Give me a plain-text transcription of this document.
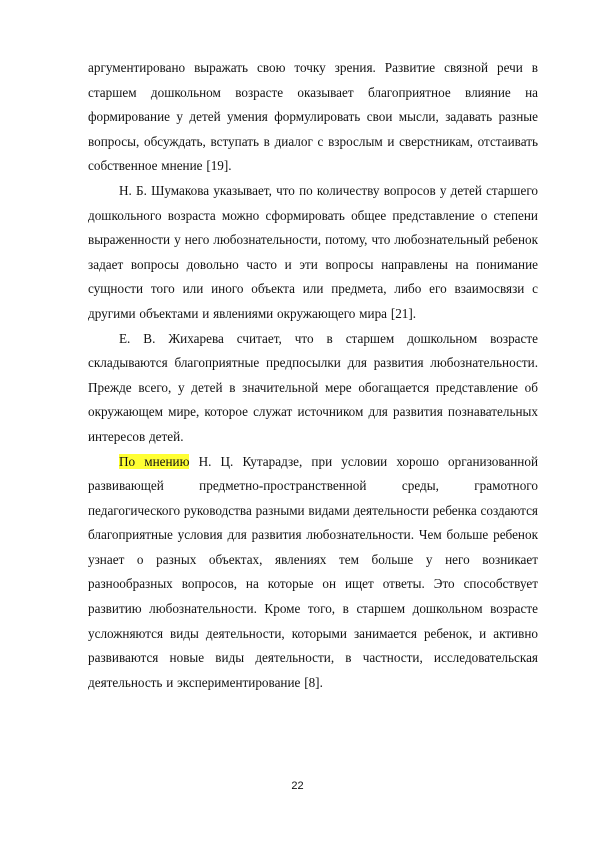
аргументировано выражать свою точку зрения. Развитие связной речи в старшем дошкольном возрасте оказывает благоприятное влияние на формирование у детей умения формулировать свои мысли, задавать разные вопросы, обсуждать, вступать в диалог с взрослым и сверстникам, отстаивать собственное мнение [19].

Н. Б. Шумакова указывает, что по количеству вопросов у детей старшего дошкольного возраста можно сформировать общее представление о степени выраженности у него любознательности, потому, что любознательный ребенок задает вопросы довольно часто и эти вопросы направлены на понимание сущности того или иного объекта или предмета, либо его взаимосвязи с другими объектами и явлениями окружающего мира [21].

Е. В. Жихарева считает, что в старшем дошкольном возрасте складываются благоприятные предпосылки для развития любознательности. Прежде всего, у детей в значительной мере обогащается представление об окружающем мире, которое служат источником для развития познавательных интересов детей.

По мнению Н. Ц. Кутарадзе, при условии хорошо организованной развивающей предметно-пространственной среды, грамотного педагогического руководства разными видами деятельности ребенка создаются благоприятные условия для развития любознательности. Чем больше ребенок узнает о разных объектах, явлениях тем больше у него возникает разнообразных вопросов, на которые он ищет ответы. Это способствует развитию любознательности. Кроме того, в старшем дошкольном возрасте усложняются виды деятельности, которыми занимается ребенок, и активно развиваются новые виды деятельности, в частности, исследовательская деятельность и экспериментирование [8].

22
